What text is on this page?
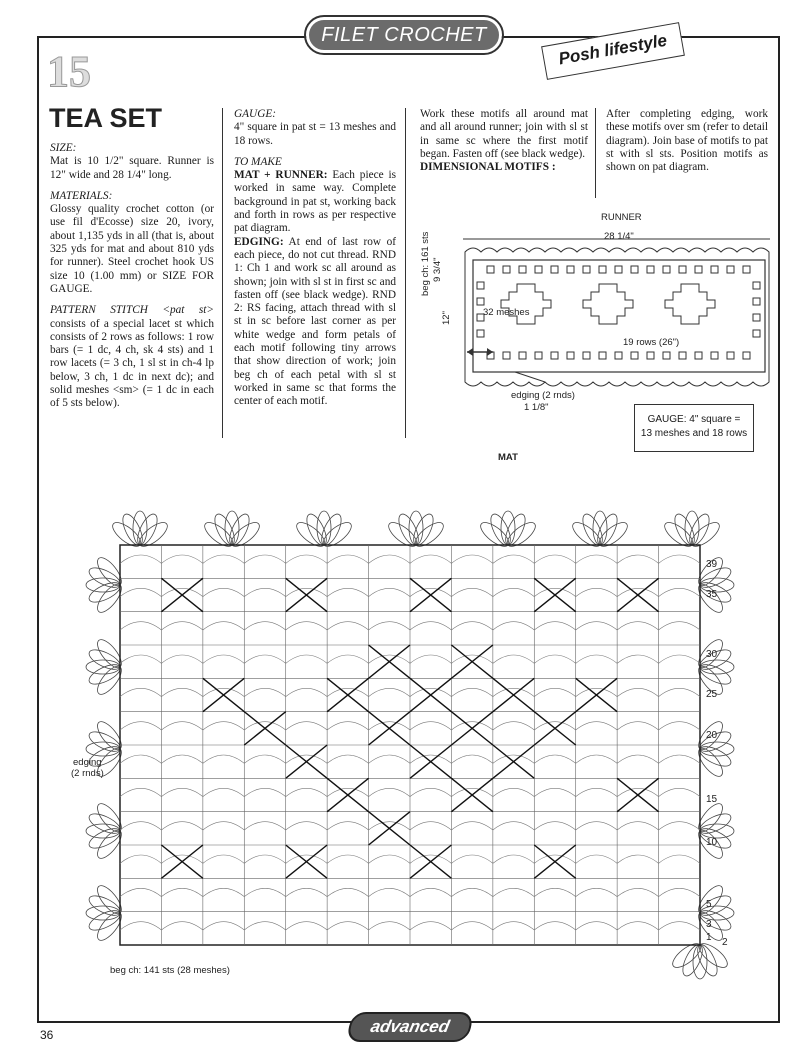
FILET CROCHET	Posh lifestyle
15
TEA SET

SIZE:
Mat is 10 1/2" square. Runner is 12" wide and 28 1/4" long.

MATERIALS:
Glossy quality crochet cotton (or use fil d'Ecosse) size 20, ivory, about 1,135 yds in all (that is, about 325 yds for mat and about 810 yds for runner). Steel crochet hook US size 10 (1.00 mm) or SIZE FOR GAUGE.

PATTERN STITCH <pat st> consists of a special lacet st which consists of 2 rows as follows: 1 row bars (= 1 dc, 4 ch, sk 4 sts) and 1 row lacets (= 3 ch, 1 sl st in ch-4 lp below, 3 ch, 1 dc in next dc); and solid meshes <sm> (= 1 dc in each of 5 sts below).

GAUGE:
4" square in pat st = 13 meshes and 18 rows.

TO MAKE
MAT + RUNNER: Each piece is worked in same way. Complete background in pat st, working back and forth in rows as per respective pat diagram.
EDGING: At end of last row of each piece, do not cut thread. RND 1: Ch 1 and work sc all around as shown; join with sl st in first sc and fasten off (see black wedge). RND 2: RS facing, attach thread with sl st in sc before last corner as per white wedge and form petals of each motif following tiny arrows that show direction of work; join beg ch of each petal with sl st worked in same sc that forms the center of each motif.

Work these motifs all around mat and all around runner; join with sl st in same sc where the first motif began. Fasten off (see black wedge).
DIMENSIONAL MOTIFS :
After completing edging, work these motifs over sm (refer to detail diagram). Join base of motifs to pat st with sl sts. Position motifs as shown on pat diagram.
RUNNER
28 1/4"
beg ch: 161 sts 9 3/4"
12"	32 meshes
19 rows (26")
edging (2 rnds)
1 1/8"
GAUGE: 4" square =
13 meshes and 18 rows
MAT
edging
(2 rnds)
beg ch: 141 sts (28 meshes)
39
35
30
25
20
15
10
5
3
1 2
advanced
36
